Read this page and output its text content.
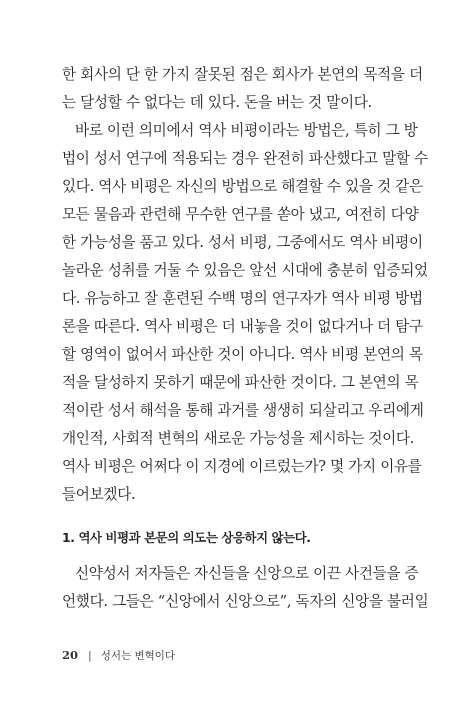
한 회사의 단 한 가지 잘못된 점은 회사가 본연의 목적을 더
는 달성할 수 없다는 데 있다. 돈을 버는 것 말이다.
바로 이런 의미에서 역사 비평이라는 방법은, 특히 그 방
법이 성서 연구에 적용되는 경우 완전히 파산했다고 말할 수
있다. 역사 비평은 자신의 방법으로 해결할 수 있을 것 같은
모든 물음과 관련해 무수한 연구를 쏟아 냈고, 여전히 다양
한 가능성을 품고 있다. 성서 비평, 그중에서도 역사 비평이
놀라운 성취를 거둘 수 있음은 앞선 시대에 충분히 입증되었
다. 유능하고 잘 훈련된 수백 명의 연구자가 역사 비평 방법
론을 따른다. 역사 비평은 더 내놓을 것이 없다거나 더 탐구
할 영역이 없어서 파산한 것이 아니다. 역사 비평 본연의 목
적을 달성하지 못하기 때문에 파산한 것이다. 그 본연의 목
적이란 성서 해석을 통해 과거를 생생히 되살리고 우리에게
개인적, 사회적 변혁의 새로운 가능성을 제시하는 것이다.
역사 비평은 어쩌다 이 지경에 이르렀는가? 몇 가지 이유를
들어보겠다.
1. 역사 비평과 본문의 의도는 상응하지 않는다.
신약성서 저자들은 자신들을 신앙으로 이끈 사건들을 증
언했다. 그들은 “신앙에서 신앙으로”, 독자의 신앙을 불러일
20 | 성서는 변혁이다
